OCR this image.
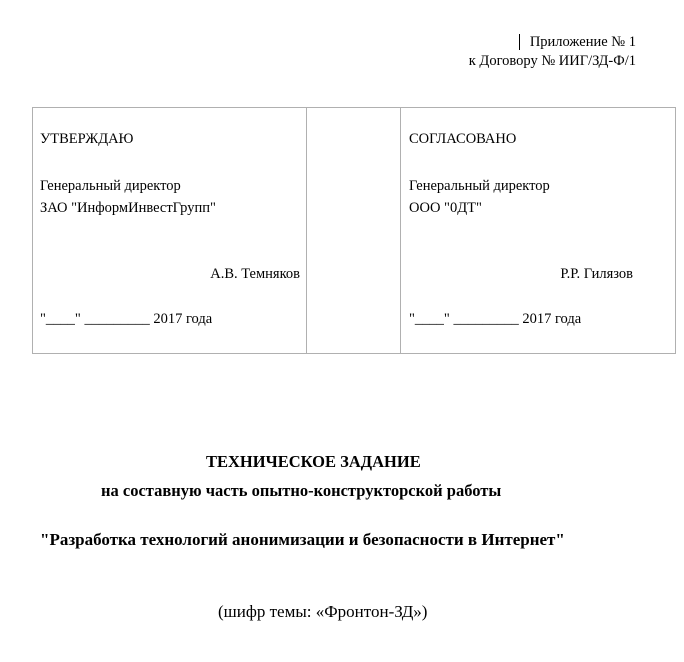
Приложение № 1
к Договору № ИИГ/ЗД-Ф/1
УТВЕРЖДАЮ
Генеральный директор
ЗАО "ИнформИнвестГрупп"
А.В. Темняков
"____" _________ 2017 года

СОГЛАСОВАНО
Генеральный директор
ООО "0ДТ"
Р.Р. Гилязов
"____" _________ 2017 года
ТЕХНИЧЕСКОЕ ЗАДАНИЕ
на составную часть опытно-конструкторской работы
"Разработка технологий анонимизации и безопасности в Интернет"
(шифр темы: «Фронтон-ЗД»)
